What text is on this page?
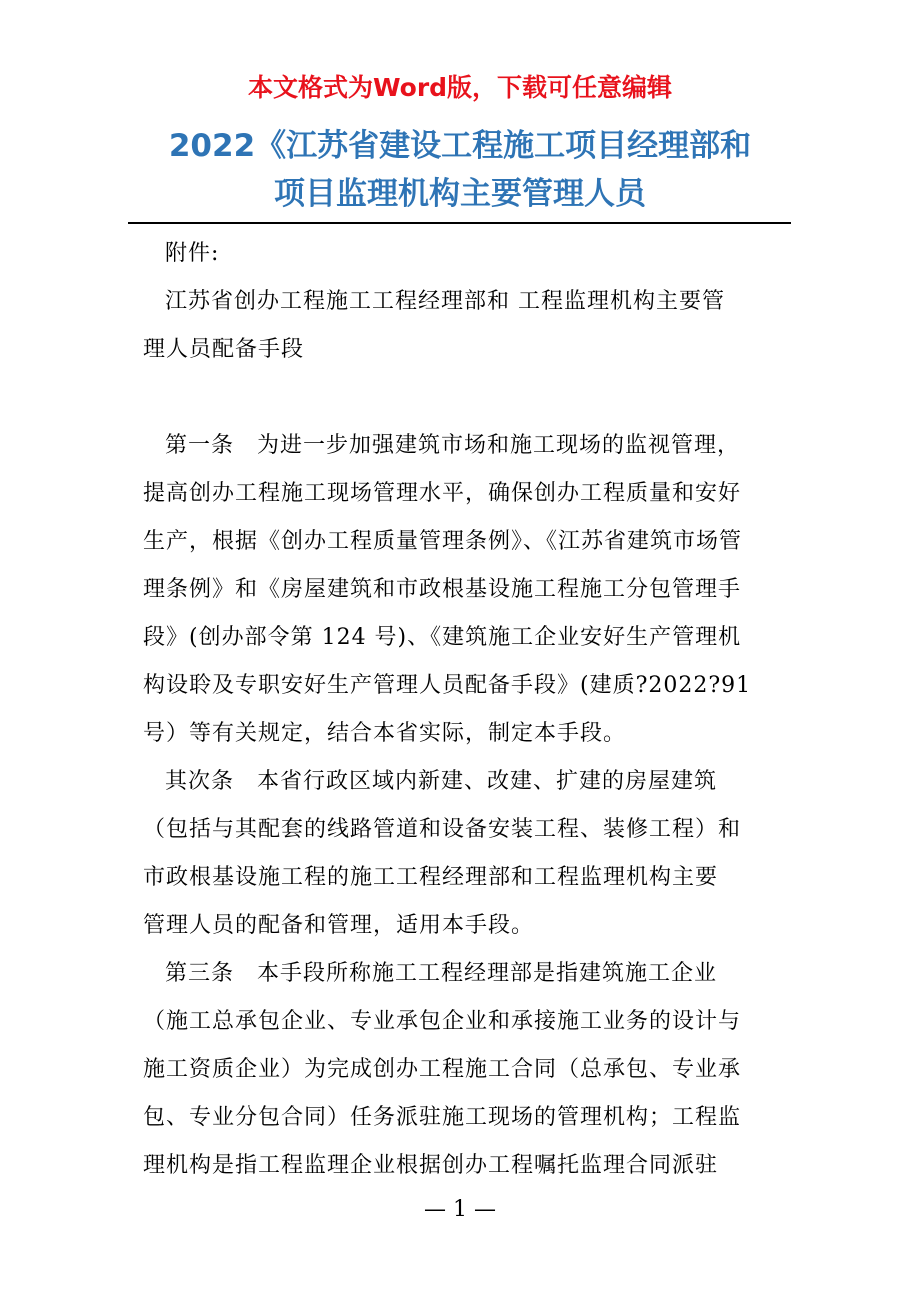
本文格式为Word版，下载可任意编辑
2022《江苏省建设工程施工项目经理部和
项目监理机构主要管理人员
附件:
江苏省创办工程施工工程经理部和 工程监理机构主要管
理人员配备手段
第一条　为进一步加强建筑市场和施工现场的监视管理，
提高创办工程施工现场管理水平，确保创办工程质量和安好
生产，根据《创办工程质量管理条例》、《江苏省建筑市场管
理条例》和《房屋建筑和市政根基设施工程施工分包管理手
段》(创办部令第 124 号)、《建筑施工企业安好生产管理机
构设聆及专职安好生产管理人员配备手段》(建质?2022?91
号）等有关规定，结合本省实际，制定本手段。
其次条　本省行政区域内新建、改建、扩建的房屋建筑
（包括与其配套的线路管道和设备安装工程、装修工程）和
市政根基设施工程的施工工程经理部和工程监理机构主要
管理人员的配备和管理，适用本手段。
第三条　本手段所称施工工程经理部是指建筑施工企业
（施工总承包企业、专业承包企业和承接施工业务的设计与
施工资质企业）为完成创办工程施工合同（总承包、专业承
包、专业分包合同）任务派驻施工现场的管理机构；工程监
理机构是指工程监理企业根据创办工程嘱托监理合同派驻
— 1 —
